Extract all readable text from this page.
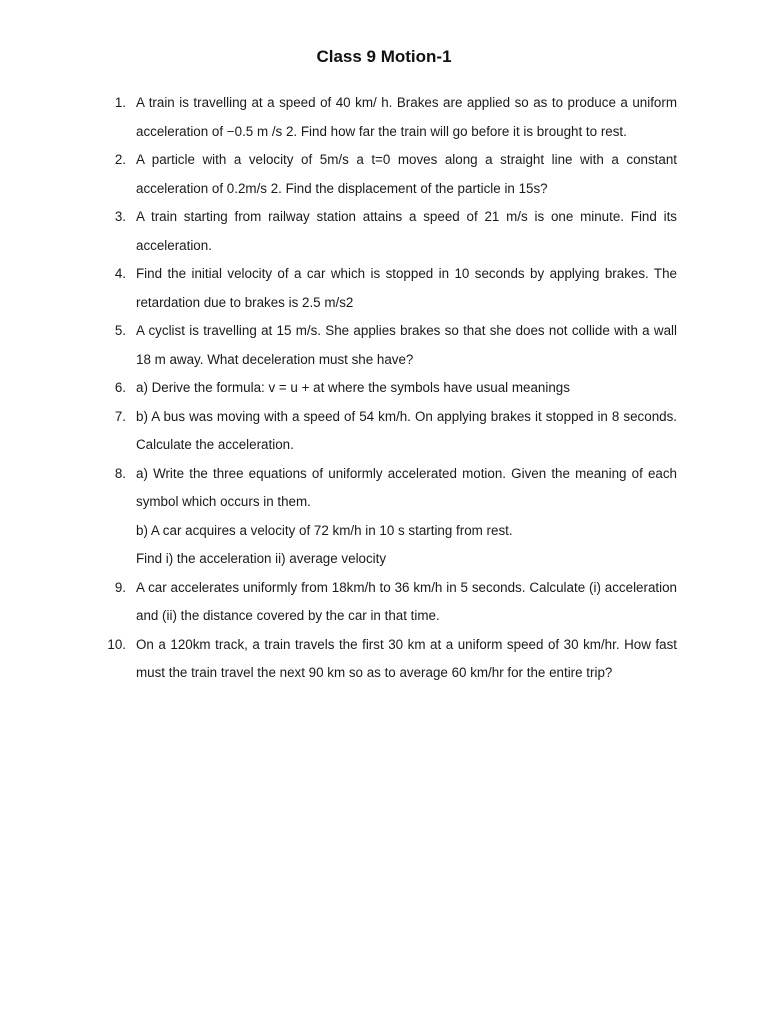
Class 9 Motion-1
1. A train is travelling at a speed of 40 km/ h. Brakes are applied so as to produce a uniform acceleration of −0.5 m /s 2. Find how far the train will go before it is brought to rest.
2. A particle with a velocity of 5m/s a t=0 moves along a straight line with a constant acceleration of 0.2m/s 2. Find the displacement of the particle in 15s?
3. A train starting from railway station attains a speed of 21 m/s is one minute. Find its acceleration.
4. Find the initial velocity of a car which is stopped in 10 seconds by applying brakes. The retardation due to brakes is 2.5 m/s2
5. A cyclist is travelling at 15 m/s. She applies brakes so that she does not collide with a wall 18 m away. What deceleration must she have?
6. a) Derive the formula: v = u + at where the symbols have usual meanings
7. b) A bus was moving with a speed of 54 km/h. On applying brakes it stopped in 8 seconds. Calculate the acceleration.
8. a) Write the three equations of uniformly accelerated motion. Given the meaning of each symbol which occurs in them.
b) A car acquires a velocity of 72 km/h in 10 s starting from rest.
Find i) the acceleration ii) average velocity
9. A car accelerates uniformly from 18km/h to 36 km/h in 5 seconds. Calculate (i) acceleration and (ii) the distance covered by the car in that time.
10. On a 120km track, a train travels the first 30 km at a uniform speed of 30 km/hr. How fast must the train travel the next 90 km so as to average 60 km/hr for the entire trip?
